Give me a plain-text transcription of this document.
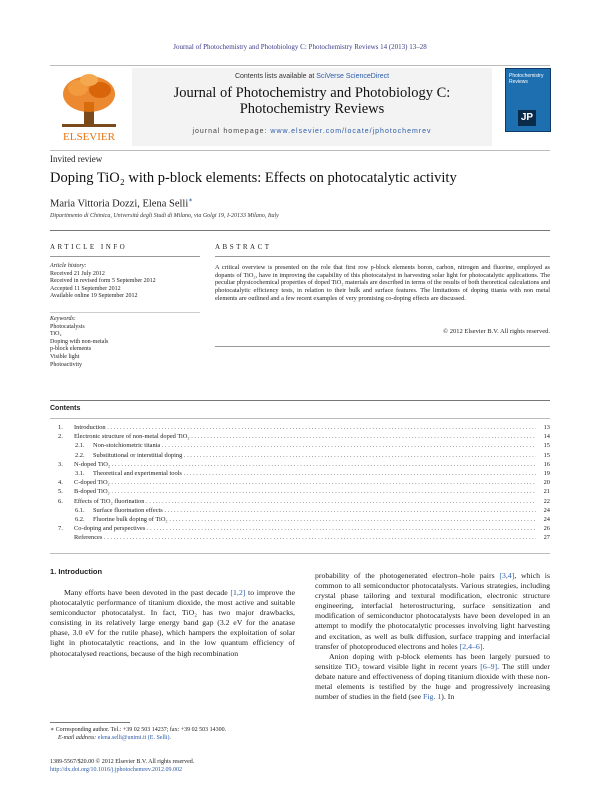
Journal of Photochemistry and Photobiology C: Photochemistry Reviews 14 (2013) 13–28
ELSEVIER
Contents lists available at SciVerse ScienceDirect
Journal of Photochemistry and Photobiology C:
Photochemistry Reviews
journal homepage: www.elsevier.com/locate/jphotochemrev
Photochemistry Reviews
JP
Invited review
Doping TiO₂ with p-block elements: Effects on photocatalytic activity
Maria Vittoria Dozzi, Elena Selli∗
Dipartimento di Chimica, Università degli Studi di Milano, via Golgi 19, I-20133 Milano, Italy
ARTICLE INFO	ABSTRACT
Article history:
Received 21 July 2012
Received in revised form 5 September 2012
Accepted 11 September 2012
Available online 19 September 2012
Keywords:
Photocatalysis
TiO₂
Doping with non-metals
p-block elements
Visible light
Photoactivity
A critical overview is presented on the role that first row p-block elements boron, carbon, nitrogen and fluorine, employed as dopants of TiO₂, have in improving the capability of this photocatalyst in harvesting solar light for photocatalytic applications. The peculiar physicochemical properties of doped TiO₂ materials are described in terms of the results of both theoretical calculations and photocatalytic efficiency tests, in relation to their bulk and surface features. The limitations of doping titania with non metal elements are outlined and a few recent examples of very promising co-doping effects are discussed.
© 2012 Elsevier B.V. All rights reserved.
Contents
1. Introduction . . .	13
2. Electronic structure of non-metal doped TiO₂ . . .	14
2.1. Non-stoichiometric titania . . .	15
2.2. Substitutional or interstitial doping . . .	15
3. N-doped TiO₂ . . .	16
3.1. Theoretical and experimental tools . . .	19
4. C-doped TiO₂ . . .	20
5. B-doped TiO₂ . . .	21
6. Effects of TiO₂ fluorination . . .	22
6.1. Surface fluorination effects . . .	24
6.2. Fluorine bulk doping of TiO₂ . . .	24
7. Co-doping and perspectives . . .	26
References . . .	27
1. Introduction

Many efforts have been devoted in the past decade [1,2] to improve the photocatalytic performance of titanium dioxide, the most active and suitable semiconductor photocatalyst. In fact, TiO₂ has two major drawbacks, consisting in its relatively large energy band gap (3.2 eV for the anatase phase, 3.0 eV for the rutile phase), which hampers the exploitation of solar light in photocatalytic reactions, and in the low quantum efficiency of photocatalysed reactions, because of the high recombination

probability of the photogenerated electron–hole pairs [3,4], which is common to all semiconductor photocatalysts. Various strategies, including crystal phase tailoring and textural modification, electronic structure engineering, interfacial heterostructuring, surface sensitization and modification of semiconductor photocatalysts have been developed in an attempt to modify the photocatalytic processes involving light harvesting and excitation, as well as bulk diffusion, surface trapping and interfacial transfer of photoproduced electrons and holes [2,4–6].

Anion doping with p-block elements has been largely pursued to sensitize TiO₂ toward visible light in recent years [6–9]. The still under debate nature and effectiveness of doping titanium dioxide with these non-metal elements is testified by the huge and progressively increasing number of studies in the field (see Fig. 1). In

∗ Corresponding author. Tel.: +39 02 503 14237; fax: +39 02 503 14300.
E-mail address: elena.selli@unimi.it (E. Selli).
1389-5567/$20.00 © 2012 Elsevier B.V. All rights reserved.
http://dx.doi.org/10.1016/j.jphotochemrev.2012.09.002
